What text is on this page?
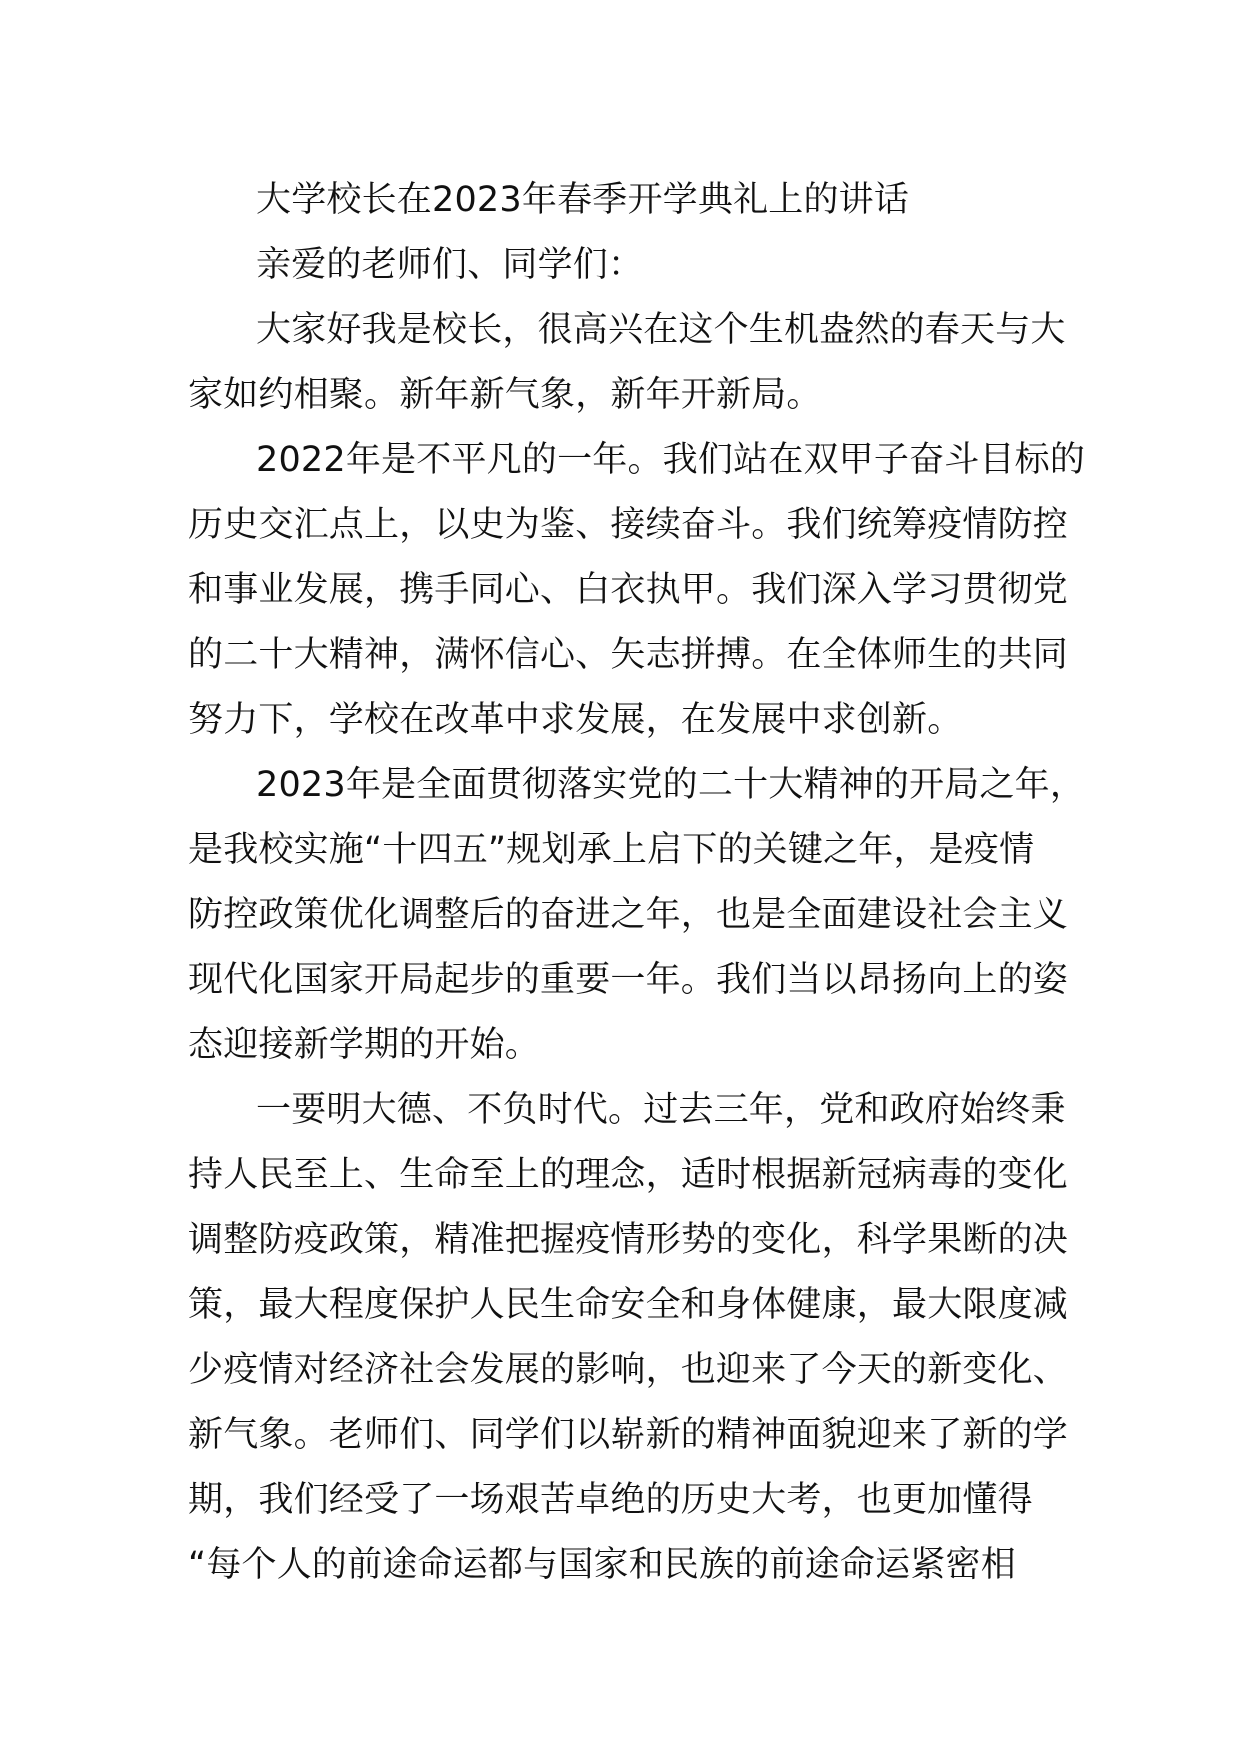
大学校长在2023年春季开学典礼上的讲话
亲爱的老师们、同学们：
大家好我是校长，很高兴在这个生机盎然的春天与大
家如约相聚。新年新气象，新年开新局。
2022年是不平凡的一年。我们站在双甲子奋斗目标的
历史交汇点上，以史为鉴、接续奋斗。我们统筹疫情防控
和事业发展，携手同心、白衣执甲。我们深入学习贯彻党
的二十大精神，满怀信心、矢志拼搏。在全体师生的共同
努力下，学校在改革中求发展，在发展中求创新。
2023年是全面贯彻落实党的二十大精神的开局之年，
是我校实施“十四五”规划承上启下的关键之年，是疫情
防控政策优化调整后的奋进之年，也是全面建设社会主义
现代化国家开局起步的重要一年。我们当以昂扬向上的姿
态迎接新学期的开始。
一要明大德、不负时代。过去三年，党和政府始终秉
持人民至上、生命至上的理念，适时根据新冠病毒的变化
调整防疫政策，精准把握疫情形势的变化，科学果断的决
策，最大程度保护人民生命安全和身体健康，最大限度减
少疫情对经济社会发展的影响，也迎来了今天的新变化、
新气象。老师们、同学们以崭新的精神面貌迎来了新的学
期，我们经受了一场艰苦卓绝的历史大考，也更加懂得
“每个人的前途命运都与国家和民族的前途命运紧密相
